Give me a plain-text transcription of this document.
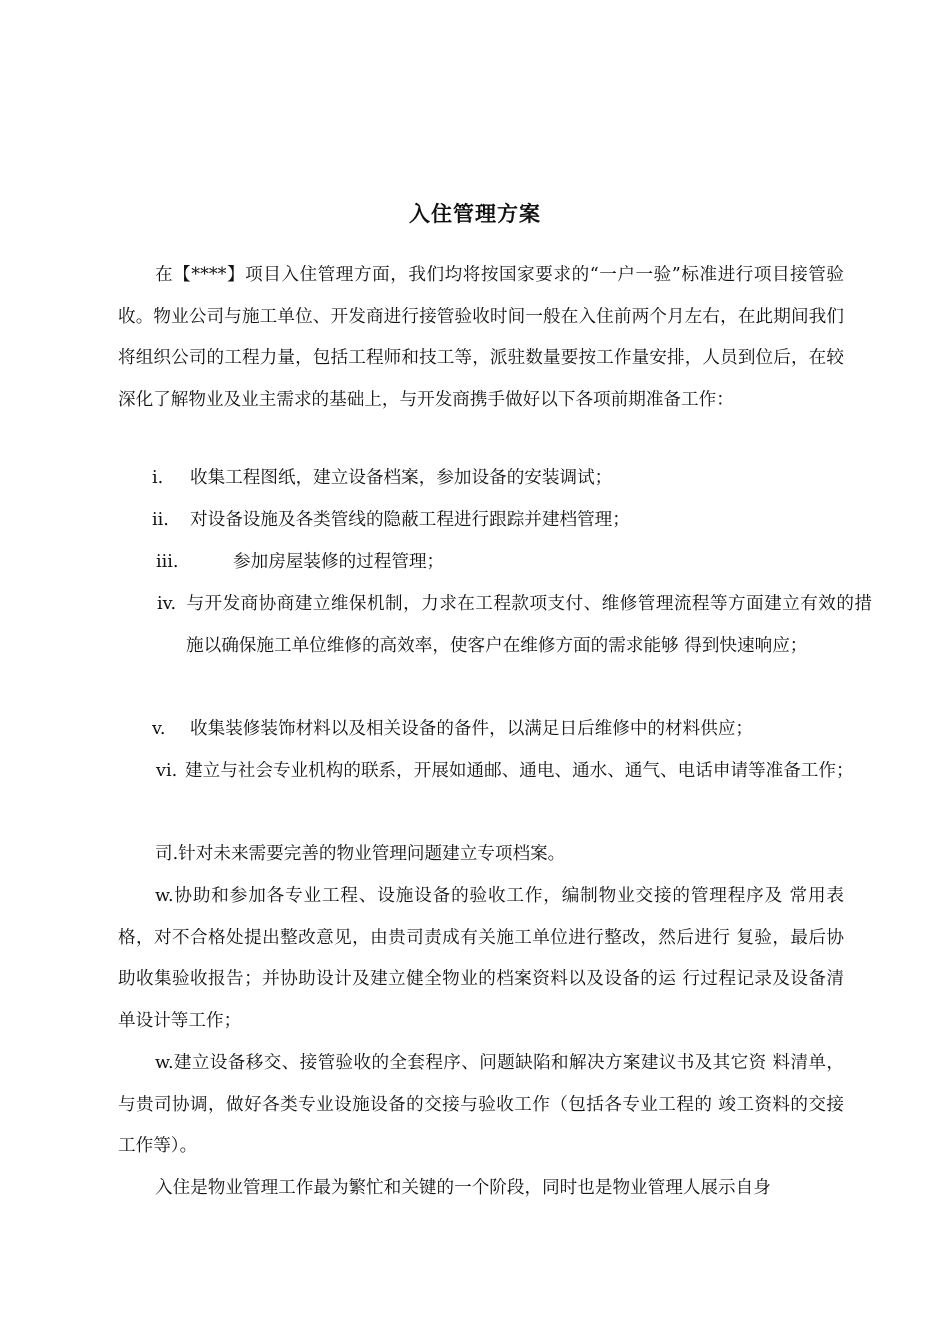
入住管理方案
在【****】项目入住管理方面，我们均将按国家要求的“一户一验”标准进行项目接管验收。物业公司与施工单位、开发商进行接管验收时间一般在入住前两个月左右，在此期间我们将组织公司的工程力量，包括工程师和技工等，派驻数量要按工作量安排，人员到位后，在较深化了解物业及业主需求的基础上，与开发商携手做好以下各项前期准备工作：
i. 收集工程图纸，建立设备档案，参加设备的安装调试；
ii. 对设备设施及各类管线的隐蔽工程进行跟踪并建档管理；
iii.	参加房屋装修的过程管理；
iv. 与开发商协商建立维保机制，力求在工程款项支付、维修管理流程等方面建立有效的措施以确保施工单位维修的高效率，使客户在维修方面的需求能够 得到快速响应；
v. 收集装修装饰材料以及相关设备的备件，以满足日后维修中的材料供应；
vi. 建立与社会专业机构的联系，开展如通邮、通电、通水、通气、电话申请等准备工作；
司.针对未来需要完善的物业管理问题建立专项档案。
w.协助和参加各专业工程、设施设备的验收工作，编制物业交接的管理程序及 常用表格，对不合格处提出整改意见，由贵司责成有关施工单位进行整改，然后进行 复验，最后协助收集验收报告；并协助设计及建立健全物业的档案资料以及设备的运 行过程记录及设备清单设计等工作；
w.建立设备移交、接管验收的全套程序、问题缺陷和解决方案建议书及其它资 料清单，与贵司协调，做好各类专业设施设备的交接与验收工作（包括各专业工程的 竣工资料的交接工作等）。
入住是物业管理工作最为繁忙和关键的一个阶段，同时也是物业管理人展示自身
